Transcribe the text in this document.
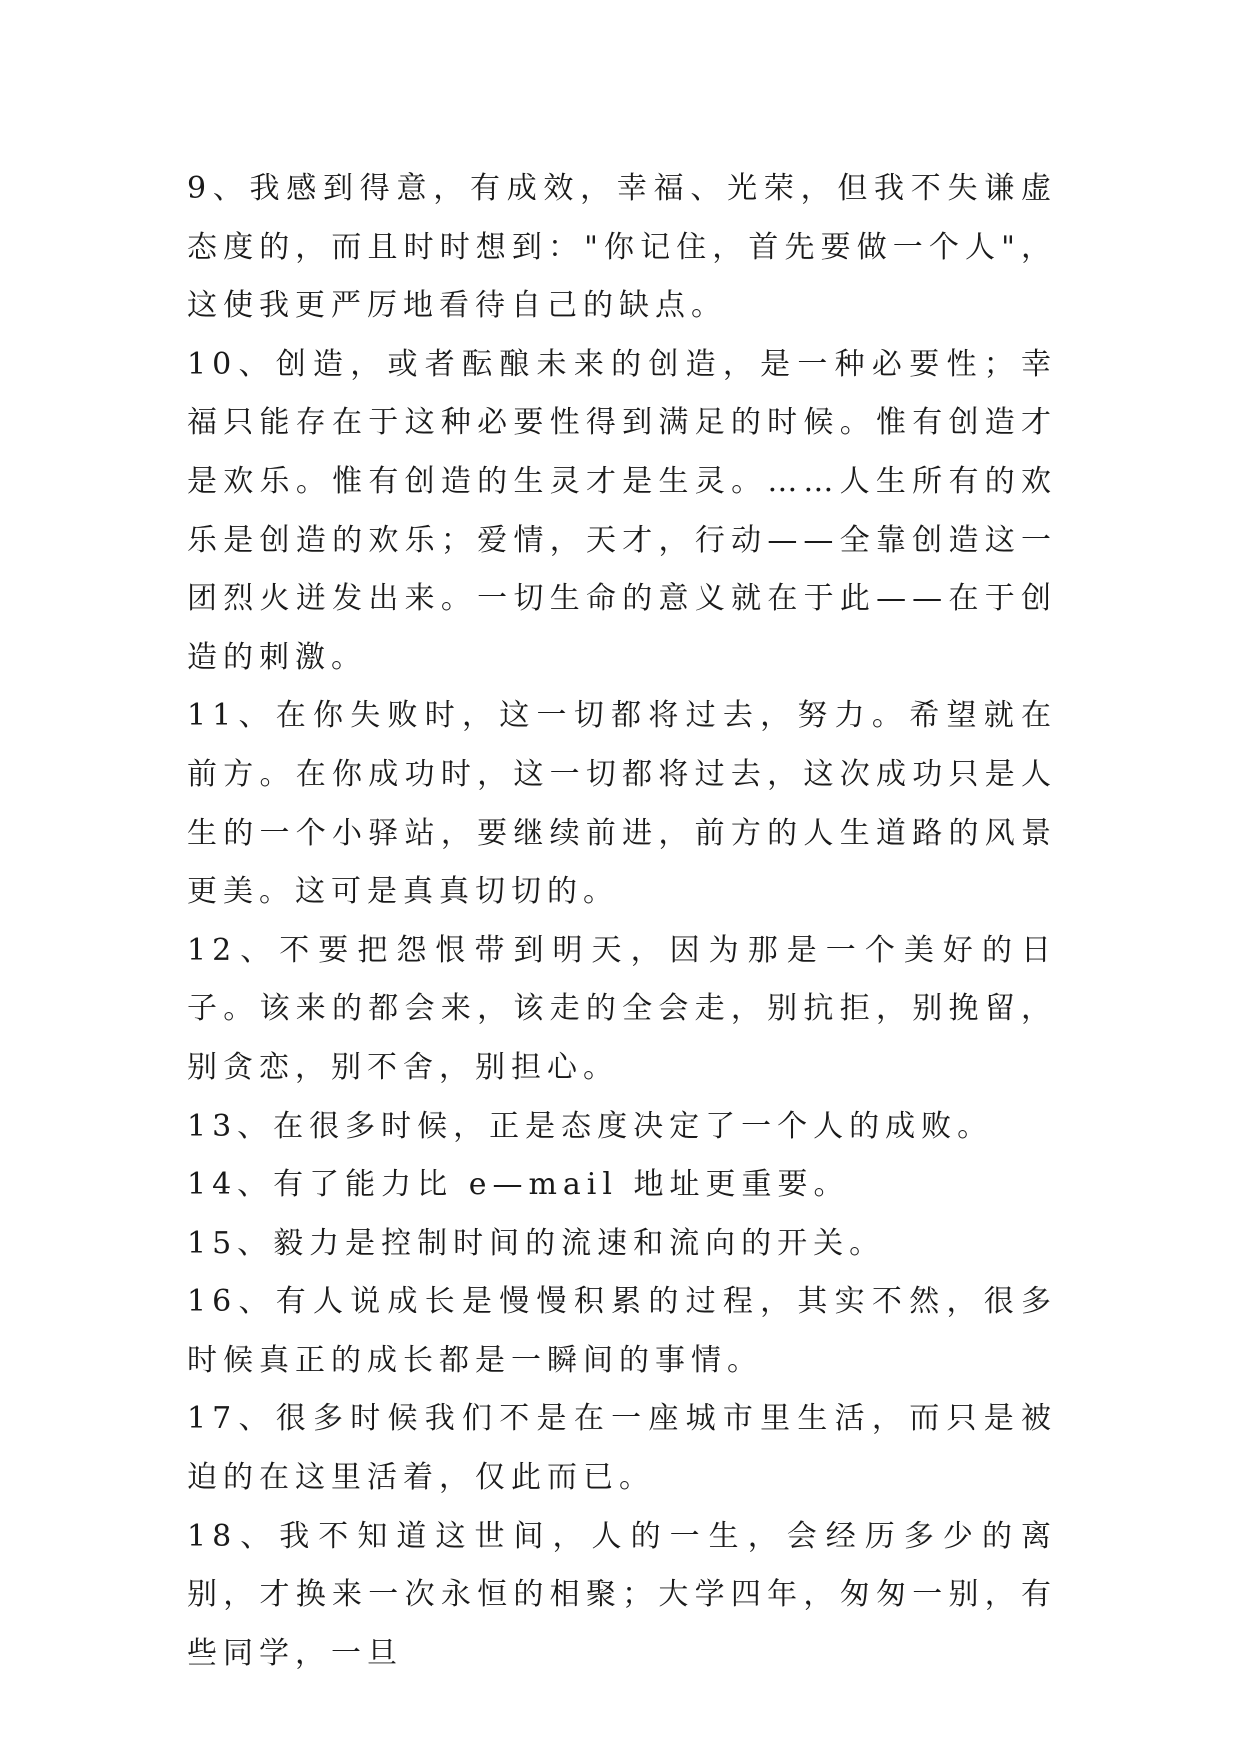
9、我感到得意，有成效，幸福、光荣，但我不失谦虚态度的，而且时时想到："你记住，首先要做一个人"，这使我更严厉地看待自己的缺点。

10、创造，或者酝酿未来的创造，是一种必要性；幸福只能存在于这种必要性得到满足的时候。惟有创造才是欢乐。惟有创造的生灵才是生灵。……人生所有的欢乐是创造的欢乐；爱情，天才，行动——全靠创造这一团烈火迸发出来。一切生命的意义就在于此——在于创造的刺激。

11、在你失败时，这一切都将过去，努力。希望就在前方。在你成功时，这一切都将过去，这次成功只是人生的一个小驿站，要继续前进，前方的人生道路的风景更美。这可是真真切切的。

12、不要把怨恨带到明天，因为那是一个美好的日子。该来的都会来，该走的全会走，别抗拒，别挽留，别贪恋，别不舍，别担心。

13、在很多时候，正是态度决定了一个人的成败。

14、有了能力比 e—mail 地址更重要。

15、毅力是控制时间的流速和流向的开关。

16、有人说成长是慢慢积累的过程，其实不然，很多时候真正的成长都是一瞬间的事情。

17、很多时候我们不是在一座城市里生活，而只是被迫的在这里活着，仅此而已。

18、我不知道这世间，人的一生，会经历多少的离别，才换来一次永恒的相聚；大学四年，匆匆一别，有些同学，一旦
